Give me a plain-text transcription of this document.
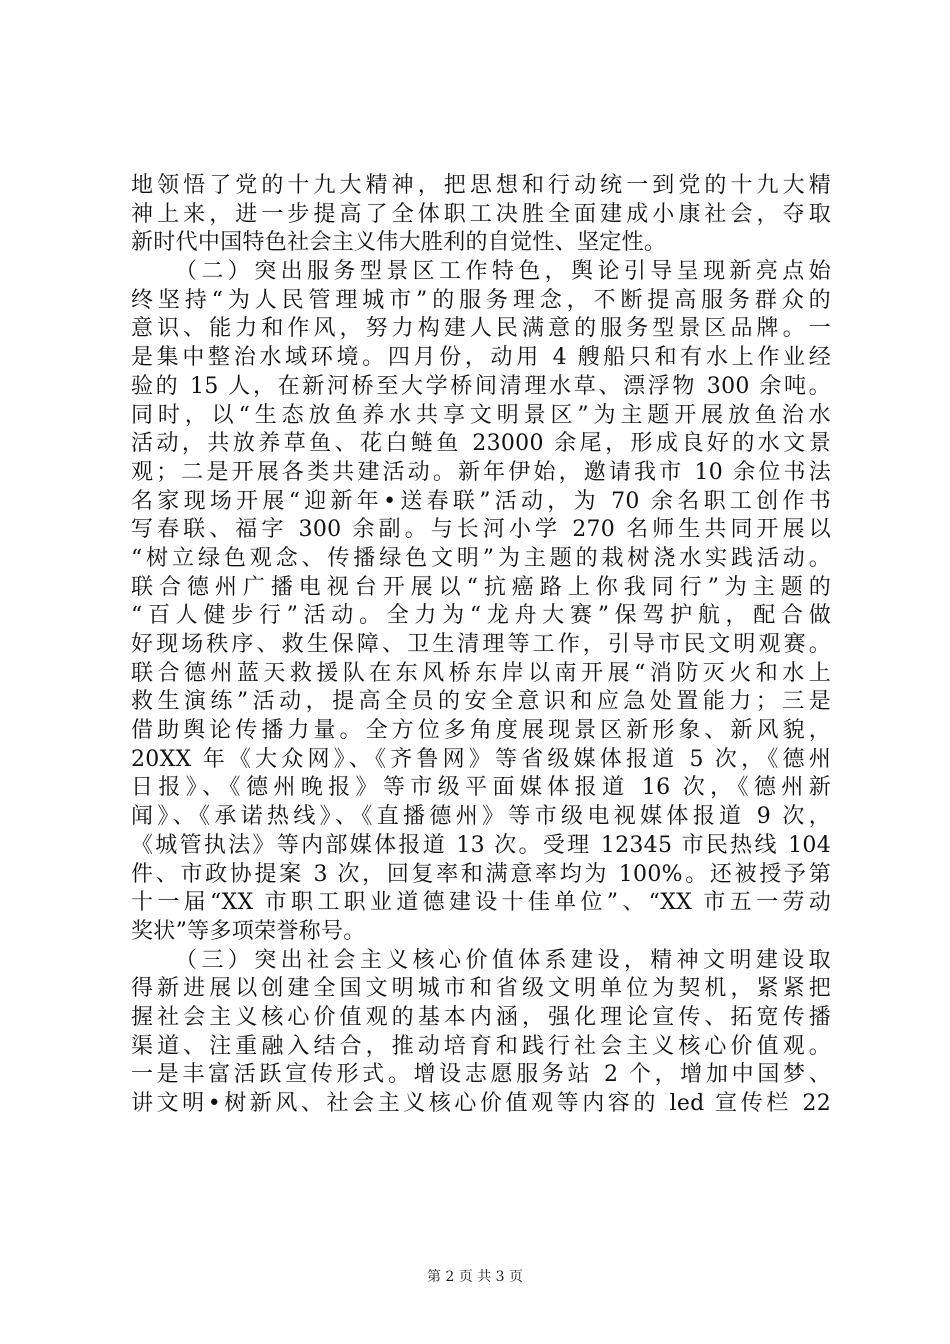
地领悟了党的十九大精神，把思想和行动统一到党的十九大精
神上来，进一步提高了全体职工决胜全面建成小康社会，夺取
新时代中国特色社会主义伟大胜利的自觉性、坚定性。
（二）突出服务型景区工作特色，舆论引导呈现新亮点始
终坚持“为人民管理城市”的服务理念，不断提高服务群众的
意识、能力和作风，努力构建人民满意的服务型景区品牌。一
是集中整治水域环境。四月份，动用 4 艘船只和有水上作业经
验的 15 人，在新河桥至大学桥间清理水草、漂浮物 300 余吨。
同时，以“生态放鱼养水共享文明景区”为主题开展放鱼治水
活动，共放养草鱼、花白鲢鱼 23000 余尾，形成良好的水文景
观；二是开展各类共建活动。新年伊始，邀请我市 10 余位书法
名家现场开展“迎新年•送春联”活动，为 70 余名职工创作书
写春联、福字 300 余副。与长河小学 270 名师生共同开展以
“树立绿色观念、传播绿色文明”为主题的栽树浇水实践活动。
联合德州广播电视台开展以“抗癌路上你我同行”为主题的
“百人健步行”活动。全力为“龙舟大赛”保驾护航，配合做
好现场秩序、救生保障、卫生清理等工作，引导市民文明观赛。
联合德州蓝天救援队在东风桥东岸以南开展“消防灭火和水上
救生演练”活动，提高全员的安全意识和应急处置能力；三是
借助舆论传播力量。全方位多角度展现景区新形象、新风貌，
20XX 年《大众网》、《齐鲁网》等省级媒体报道 5 次，《德州
日报》、《德州晚报》等市级平面媒体报道 16 次，《德州新
闻》、《承诺热线》、《直播德州》等市级电视媒体报道 9 次，
《城管执法》等内部媒体报道 13 次。受理 12345 市民热线 104
件、市政协提案 3 次，回复率和满意率均为 100%。还被授予第
十一届“XX 市职工职业道德建设十佳单位”、“XX 市五一劳动
奖状”等多项荣誉称号。
（三）突出社会主义核心价值体系建设，精神文明建设取
得新进展以创建全国文明城市和省级文明单位为契机，紧紧把
握社会主义核心价值观的基本内涵，强化理论宣传、拓宽传播
渠道、注重融入结合，推动培育和践行社会主义核心价值观。
一是丰富活跃宣传形式。增设志愿服务站 2 个，增加中国梦、
讲文明•树新风、社会主义核心价值观等内容的 led 宣传栏 22
第 2 页 共 3 页
